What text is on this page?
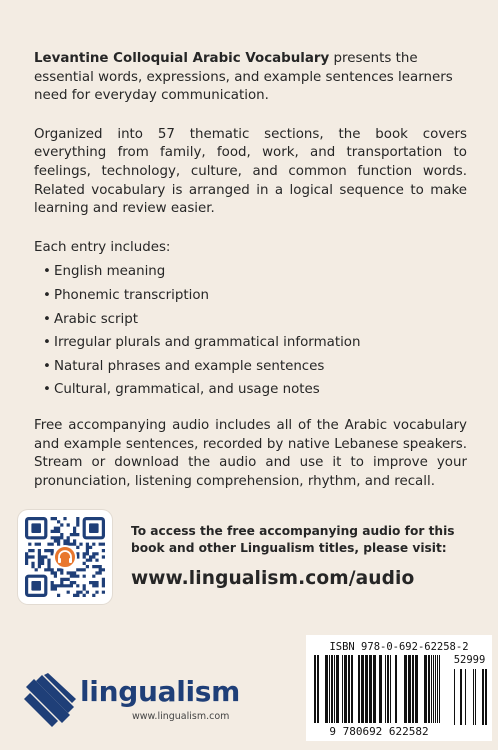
Levantine Colloquial Arabic Vocabulary presents the essential words, expressions, and example sentences learners need for everyday communication.

Organized into 57 thematic sections, the book covers everything from family, food, work, and transportation to feelings, technology, culture, and common function words. Related vocabulary is arranged in a logical sequence to make learning and review easier.

Each entry includes:

• English meaning
• Phonemic transcription
• Arabic script
• Irregular plurals and grammatical information
• Natural phrases and example sentences
• Cultural, grammatical, and usage notes

Free accompanying audio includes all of the Arabic vocabulary and example sentences, recorded by native Lebanese speakers. Stream or download the audio and use it to improve your pronunciation, listening comprehension, rhythm, and recall.

To access the free accompanying audio for this

book and other Lingualism titles, please visit:

www.lingualism.com/audio
lingualism
www.lingualism.com
ISBN 978-0-692-62258-2
52999
9 780692 622582
